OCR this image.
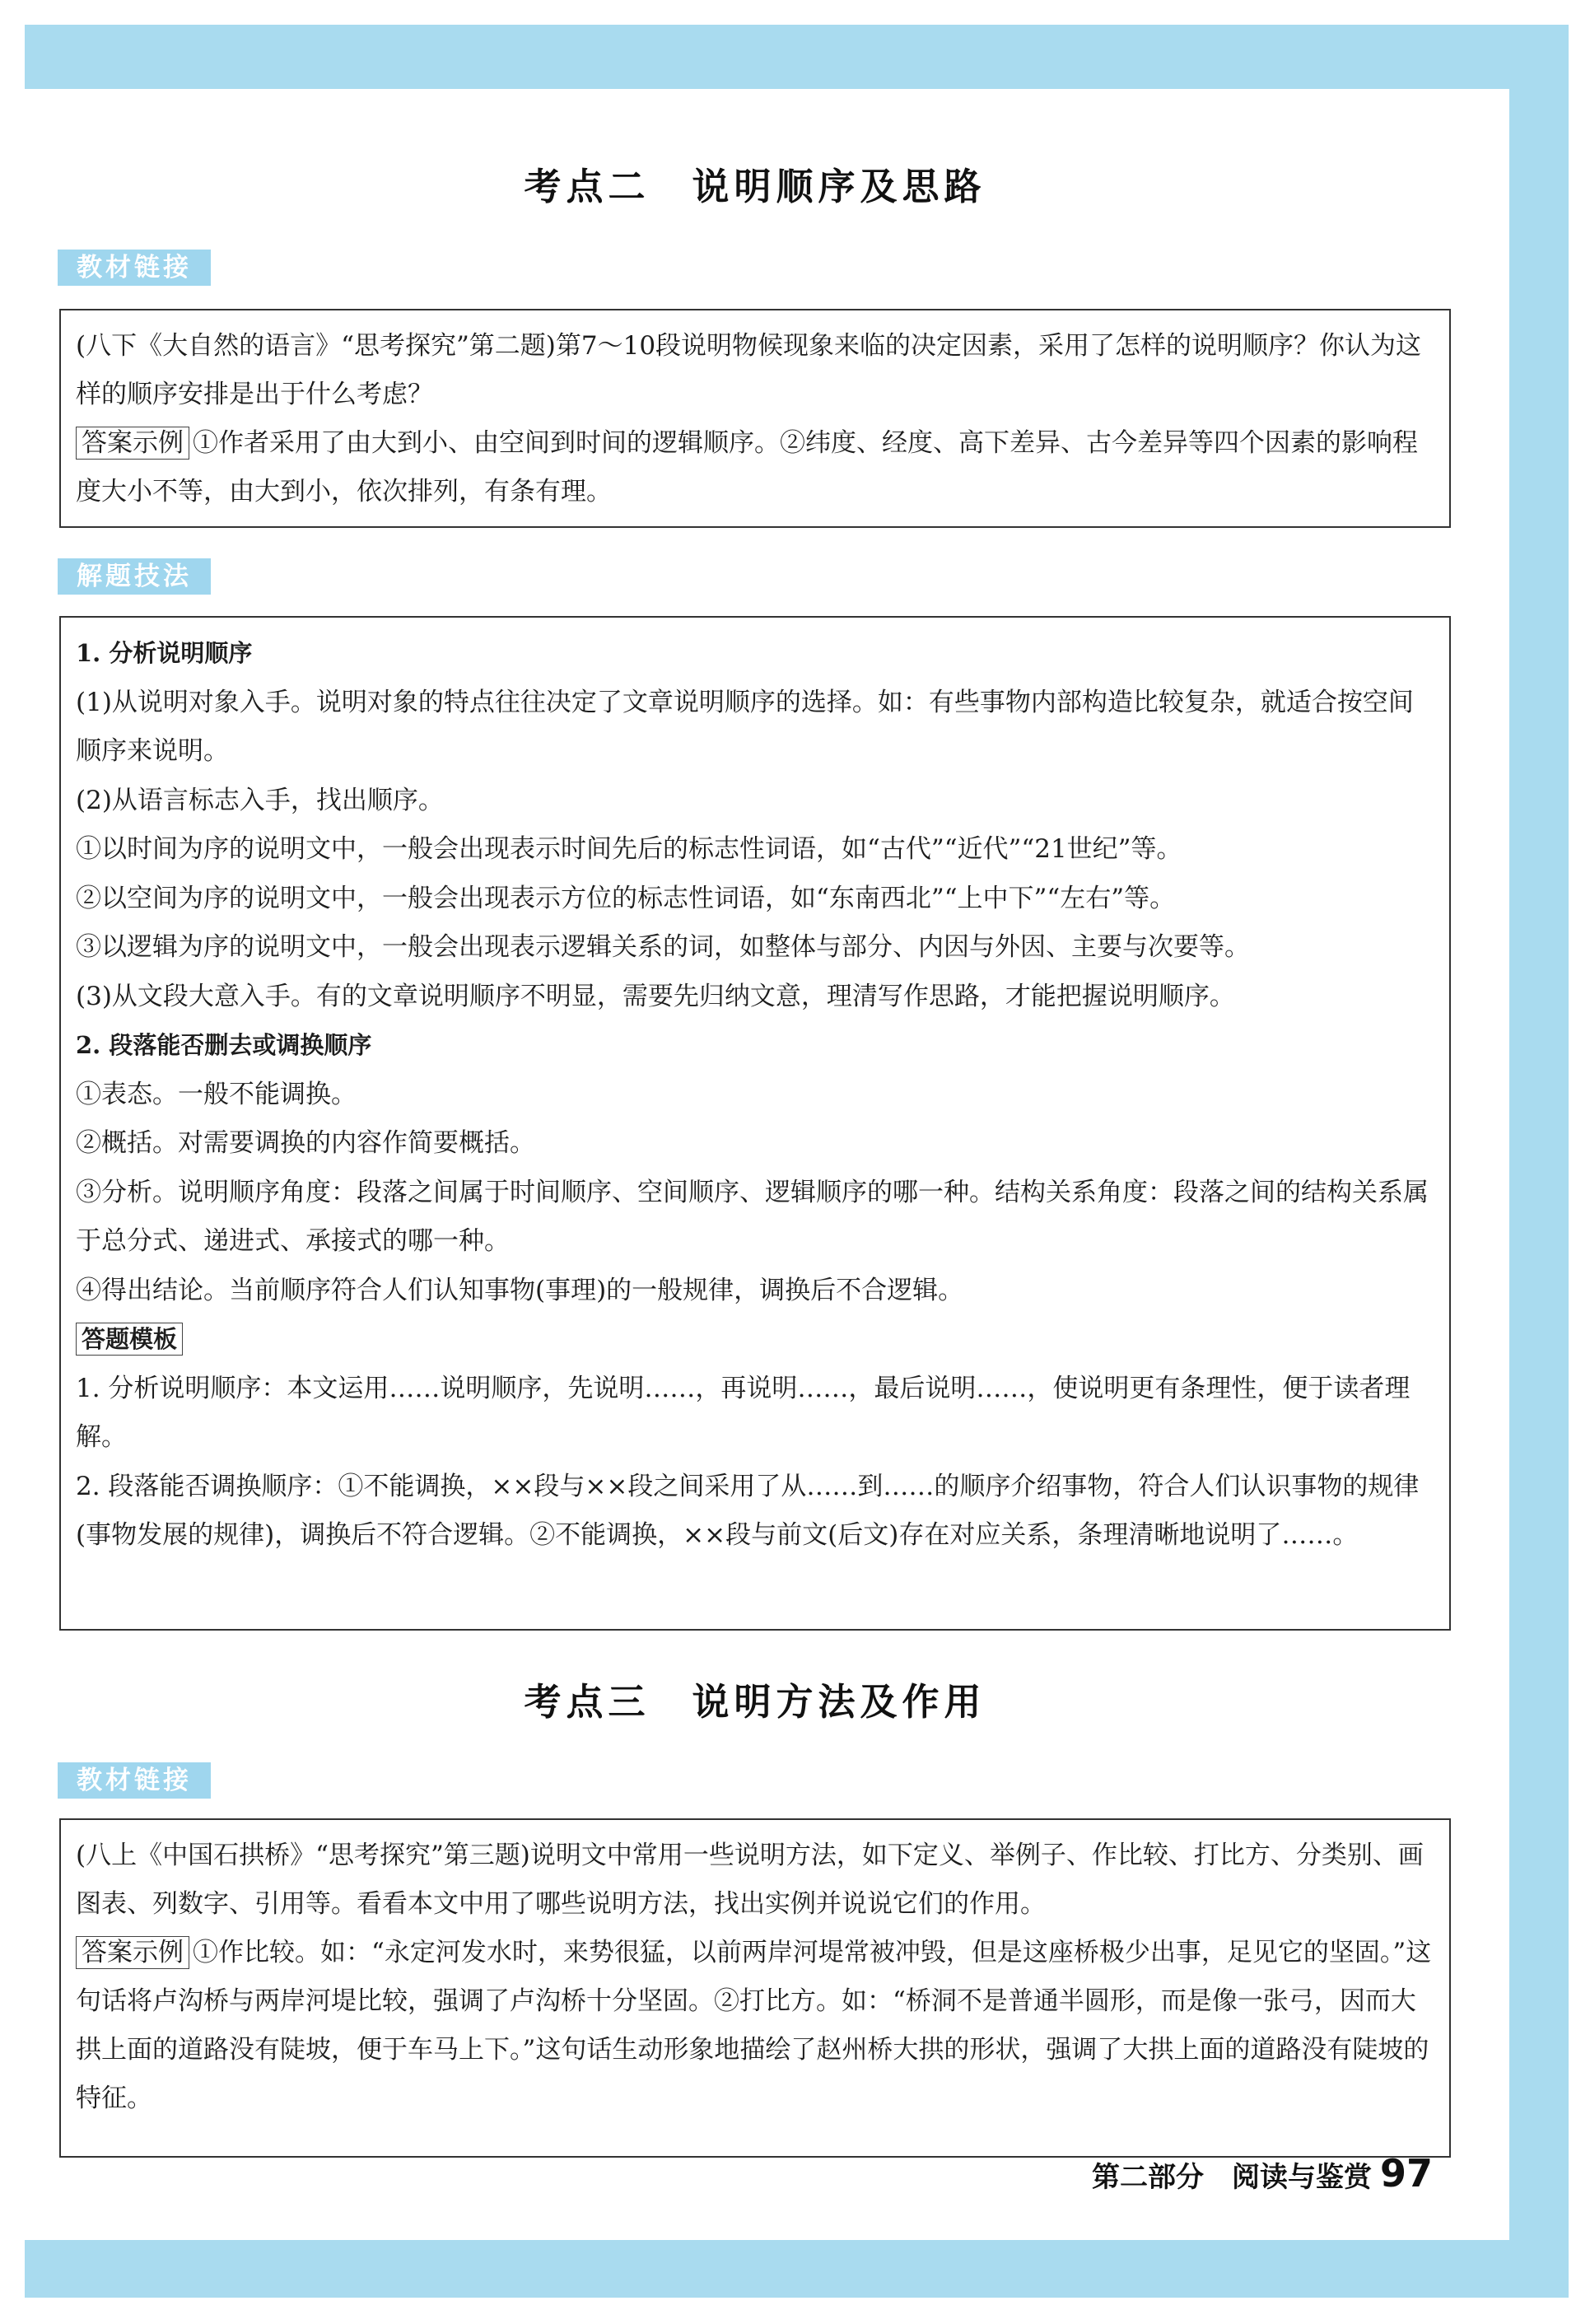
考点二　说明顺序及思路
教材链接

(八下《大自然的语言》“思考探究”第二题)第7～10段说明物候现象来临的决定因素，采用了怎样的说明顺序？你认为这样的顺序安排是出于什么考虑？

答案示例 ①作者采用了由大到小、由空间到时间的逻辑顺序。②纬度、经度、高下差异、古今差异等四个因素的影响程度大小不等，由大到小，依次排列，有条有理。

解题技法

1. 分析说明顺序

(1)从说明对象入手。说明对象的特点往往决定了文章说明顺序的选择。如：有些事物内部构造比较复杂，就适合按空间顺序来说明。

(2)从语言标志入手，找出顺序。

①以时间为序的说明文中，一般会出现表示时间先后的标志性词语，如“古代”“近代”“21世纪”等。

②以空间为序的说明文中，一般会出现表示方位的标志性词语，如“东南西北”“上中下”“左右”等。

③以逻辑为序的说明文中，一般会出现表示逻辑关系的词，如整体与部分、内因与外因、主要与次要等。

(3)从文段大意入手。有的文章说明顺序不明显，需要先归纳文意，理清写作思路，才能把握说明顺序。

2. 段落能否删去或调换顺序

①表态。一般不能调换。

②概括。对需要调换的内容作简要概括。

③分析。说明顺序角度：段落之间属于时间顺序、空间顺序、逻辑顺序的哪一种。结构关系角度：段落之间的结构关系属于总分式、递进式、承接式的哪一种。

④得出结论。当前顺序符合人们认知事物(事理)的一般规律，调换后不合逻辑。

答题模板

1. 分析说明顺序：本文运用……说明顺序，先说明……，再说明……，最后说明……，使说明更有条理性，便于读者理解。

2. 段落能否调换顺序：①不能调换，××段与××段之间采用了从……到……的顺序介绍事物，符合人们认识事物的规律(事物发展的规律)，调换后不符合逻辑。②不能调换，××段与前文(后文)存在对应关系，条理清晰地说明了……。

考点三　说明方法及作用
教材链接

(八上《中国石拱桥》“思考探究”第三题)说明文中常用一些说明方法，如下定义、举例子、作比较、打比方、分类别、画图表、列数字、引用等。看看本文中用了哪些说明方法，找出实例并说说它们的作用。

答案示例 ①作比较。如：“永定河发水时，来势很猛，以前两岸河堤常被冲毁，但是这座桥极少出事，足见它的坚固。”这句话将卢沟桥与两岸河堤比较，强调了卢沟桥十分坚固。②打比方。如：“桥洞不是普通半圆形，而是像一张弓，因而大拱上面的道路没有陡坡，便于车马上下。”这句话生动形象地描绘了赵州桥大拱的形状，强调了大拱上面的道路没有陡坡的特征。

第二部分　阅读与鉴赏 97
